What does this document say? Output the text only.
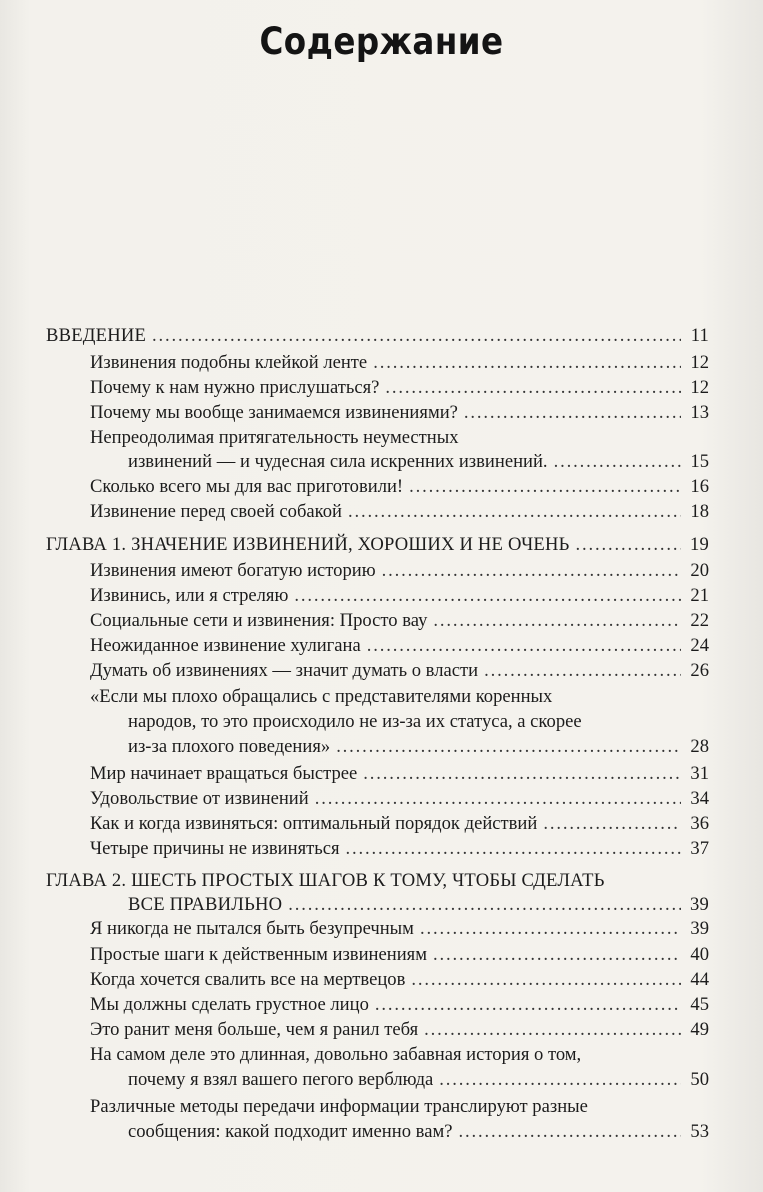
Содержание
ВВЕДЕНИЕ . . .	11
Извинения подобны клейкой ленте . . .	12
Почему к нам нужно прислушаться? . . .	12
Почему мы вообще занимаемся извинениями? . . .	13
Непреодолимая притягательность неуместных
извинений — и чудесная сила искренних извинений. . . .	15
Сколько всего мы для вас приготовили! . . .	16
Извинение перед своей собакой . . .	18
ГЛАВА 1. ЗНАЧЕНИЕ ИЗВИНЕНИЙ, ХОРОШИХ И НЕ ОЧЕНЬ . . .	19
Извинения имеют богатую историю . . .	20
Извинись, или я стреляю . . .	21
Социальные сети и извинения: Просто вау . . .	22
Неожиданное извинение хулигана . . .	24
Думать об извинениях — значит думать о власти . . .	26
«Если мы плохо обращались с представителями коренных
народов, то это происходило не из-за их статуса, а скорее
из-за плохого поведения» . . .	28
Мир начинает вращаться быстрее . . .	31
Удовольствие от извинений . . .	34
Как и когда извиняться: оптимальный порядок действий . . .	36
Четыре причины не извиняться . . .	37
ГЛАВА 2. ШЕСТЬ ПРОСТЫХ ШАГОВ К ТОМУ, ЧТОБЫ СДЕЛАТЬ
ВСЕ ПРАВИЛЬНО . . .	39
Я никогда не пытался быть безупречным . . .	39
Простые шаги к действенным извинениям . . .	40
Когда хочется свалить все на мертвецов . . .	44
Мы должны сделать грустное лицо . . .	45
Это ранит меня больше, чем я ранил тебя . . .	49
На самом деле это длинная, довольно забавная история о том,
почему я взял вашего пегого верблюда . . .	50
Различные методы передачи информации транслируют разные
сообщения: какой подходит именно вам? . . .	53
